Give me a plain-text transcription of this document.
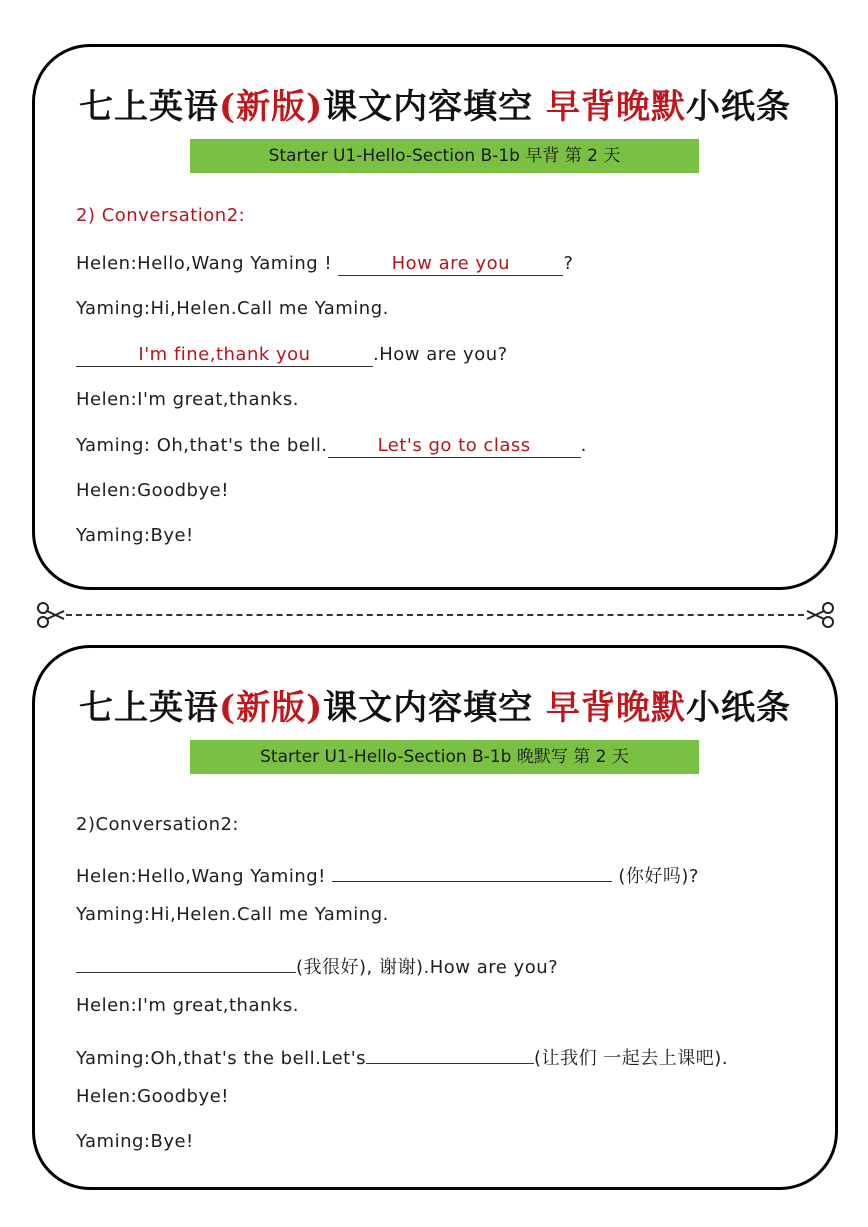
七上英语(新版)课文内容填空 早背晚默小纸条
Starter U1-Hello-Section B-1b 早背 第 2 天
2) Conversation2:
Helen:Hello,Wang Yaming !	How are you	?
Yaming:Hi,Helen.Call me Yaming.
I'm fine,thank you	.How are you?
Helen:I'm great,thanks.
Yaming: Oh,that's the bell.	Let's go to class	.
Helen:Goodbye!
Yaming:Bye!
七上英语(新版)课文内容填空 早背晚默小纸条
Starter U1-Hello-Section B-1b 晚默写 第 2 天
2)Conversation2:
Helen:Hello,Wang Yaming!	(你好吗)?
Yaming:Hi,Helen.Call me Yaming.
(我很好), 谢谢).How are you?
Helen:I'm great,thanks.
Yaming:Oh,that's the bell.Let's	(让我们 一起去上课吧).
Helen:Goodbye!
Yaming:Bye!
